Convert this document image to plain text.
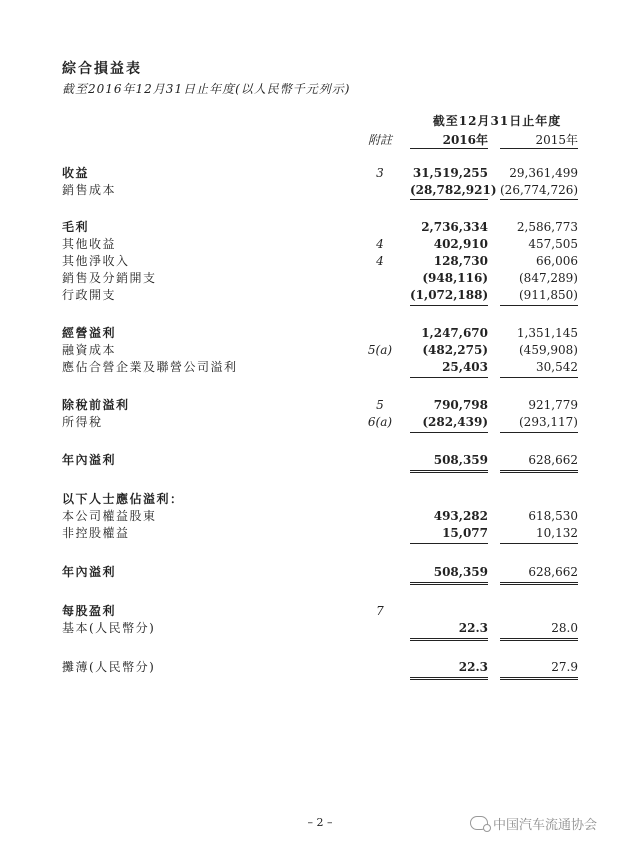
綜合損益表
截至2016年12月31日止年度(以人民幣千元列示)
截至12月31日止年度
附註	2016年	2015年
收益	3	31,519,255	29,361,499
銷售成本	(28,782,921) (26,774,726)
毛利	2,736,334	2,586,773
其他收益	4	402,910	457,505
其他淨收入	4	128,730	66,006
銷售及分銷開支	(948,116)	(847,289)
行政開支	(1,072,188)	(911,850)
經營溢利	1,247,670	1,351,145
融資成本	5(a)	(482,275)	(459,908)
應佔合營企業及聯營公司溢利	25,403	30,542
除稅前溢利	5	790,798	921,779
所得稅	6(a)	(282,439)	(293,117)
年內溢利	508,359	628,662
以下人士應佔溢利：
本公司權益股東	493,282	618,530
非控股權益	15,077	10,132
年內溢利	508,359	628,662
每股盈利	7
基本(人民幣分)	22.3	28.0
攤薄(人民幣分)	22.3	27.9
– 2 –	中国汽车流通协会
